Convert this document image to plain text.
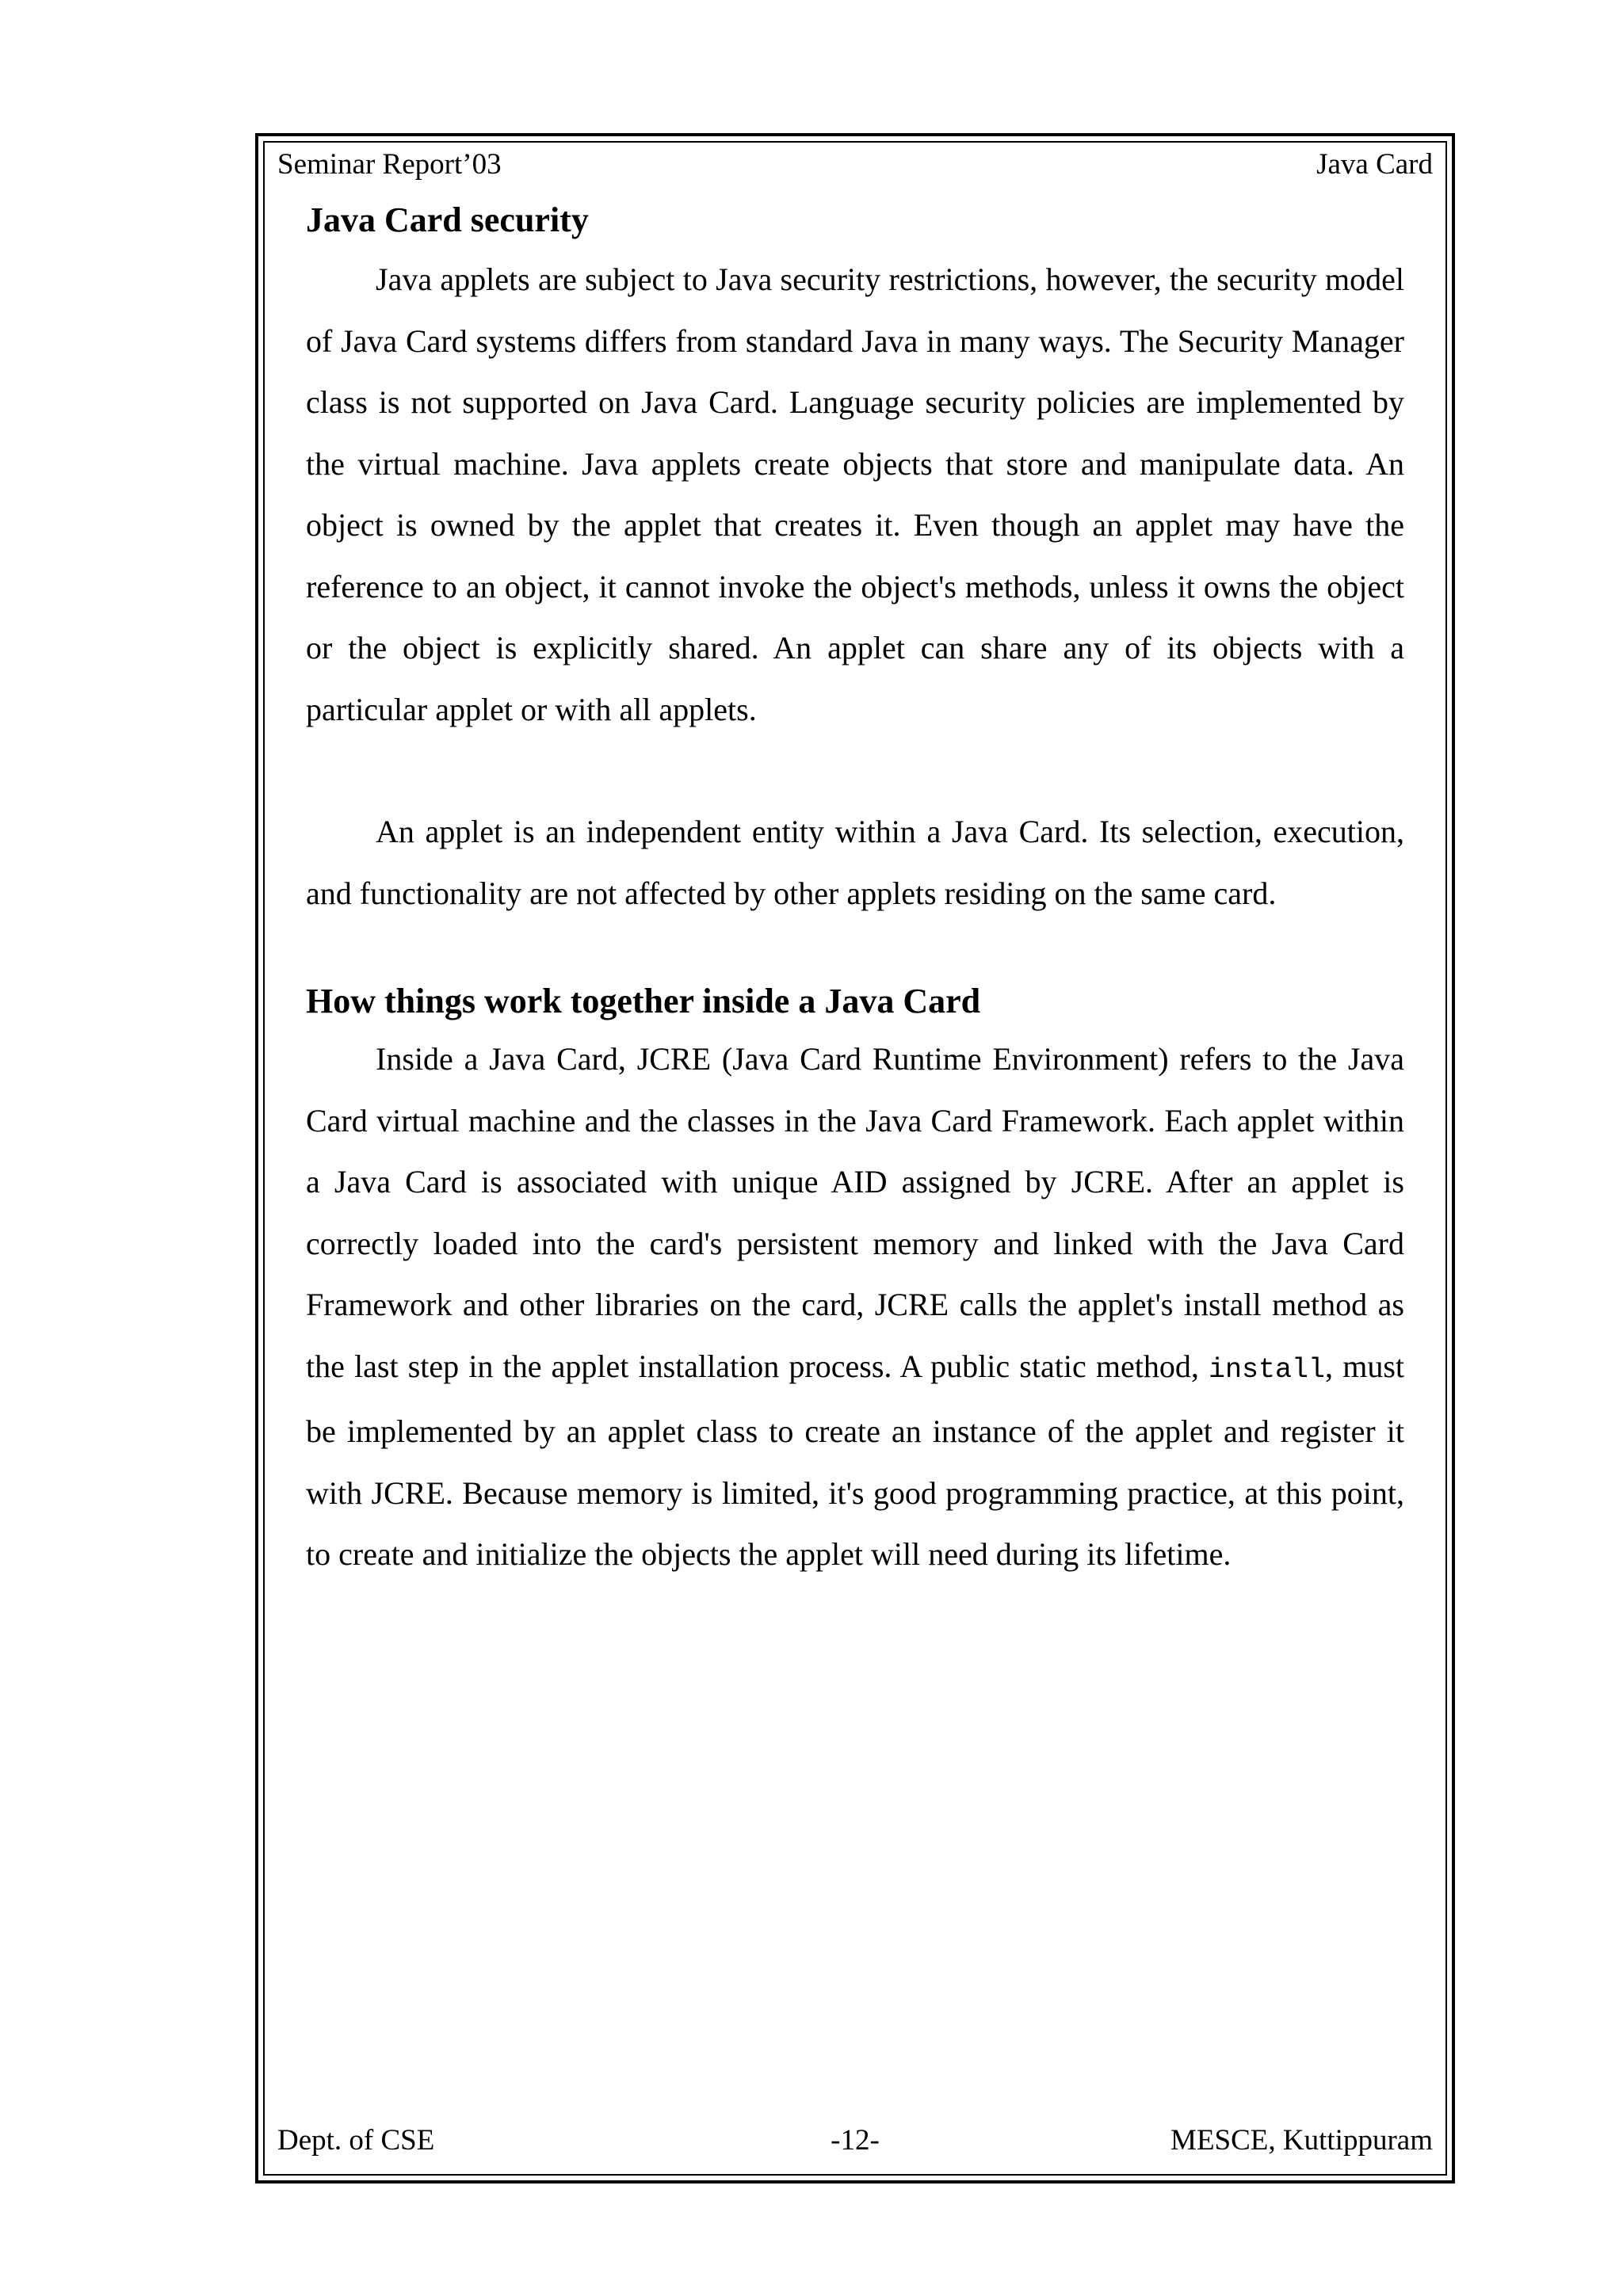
Seminar Report’03	Java Card
Java Card security

Java applets are subject to Java security restrictions, however, the security model of Java Card systems differs from standard Java in many ways. The Security Manager class is not supported on Java Card. Language security policies are implemented by the virtual machine. Java applets create objects that store and manipulate data. An object is owned by the applet that creates it. Even though an applet may have the reference to an object, it cannot invoke the object's methods, unless it owns the object or the object is explicitly shared. An applet can share any of its objects with a particular applet or with all applets.

An applet is an independent entity within a Java Card. Its selection, execution, and functionality are not affected by other applets residing on the same card.

How things work together inside a Java Card

Inside a Java Card, JCRE (Java Card Runtime Environment) refers to the Java Card virtual machine and the classes in the Java Card Framework. Each applet within a Java Card is associated with unique AID assigned by JCRE. After an applet is correctly loaded into the card's persistent memory and linked with the Java Card Framework and other libraries on the card, JCRE calls the applet's install method as the last step in the applet installation process. A public static method, install, must be implemented by an applet class to create an instance of the applet and register it with JCRE. Because memory is limited, it's good programming practice, at this point, to create and initialize the objects the applet will need during its lifetime.

Dept. of CSE	-12-	MESCE, Kuttippuram
